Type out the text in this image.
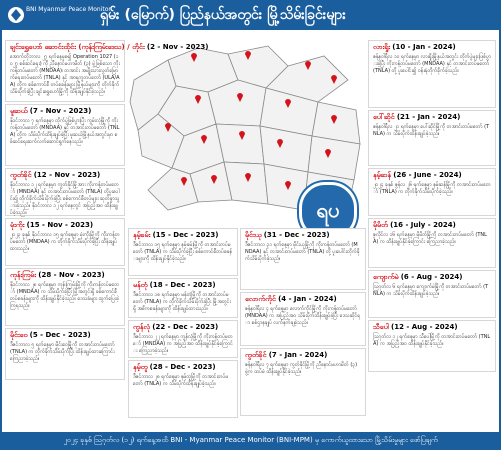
BNI Myanmar Peace Monitor
ရှမ်း (မြောက်) ပြည်နယ်အတွင်း မြို့သိမ်းခြင်းများ
ရပ
ချင်းရွှေဟော် ဆောင်းထိုင်း (ကုန်းကြမ်းဒေသ) / တိုင်း (2 - Nov - 2023)
အောက်တိုဘာလ ၂၇ ရက်နေ့မှစ၍ Operation 1027 (၁၀၂၇ စစ်ဆင်ရေး) ကို ညီနောင်မဟာမိတ် (၃) ဖွဲ့ဖြစ်သော ကိုးကန့်တပ်မတော် (MNDAA)၊ တအာင်း အမျိုးသားလွတ်မြောက်ရေးတပ်မတော် (TNLA) နှင့် အာရက္ခတပ်တော် (ULA/AA) တို့က စစ်ကောင်စီ တပ်စခန်းများ မြို့နယ်များကို တိုက်ခိုက်သိမ်းပိုက်ခဲ့ပြီး ချင်းရွှေဟော်မြို့ကို ထိန်းချုပ်နိုင်ခဲ့သည်။
မူဆယ် (7 - Nov - 2023)
နိုဝင်ဘာလ ၇ ရက်နေ့မှာ တိုက်ပွဲဖြစ်ပွားပြီး ကွမ်းလုံမြို့ကို ကိုးကန့်တပ်မတော် (MNDAA) နှင့် တအာင်းတပ်မတော် (TNLA) တို့က သိမ်းပိုက်ထိန်းချုပ်ခဲ့ပြီး မူဆယ်မြို့နယ်အတွင်းမှာ စစ်ဆင်ရေးဆက်လက်ဆောင်ရွက်နေသည်။
ကွတ်ခိုင် (12 - Nov - 2023)
နိုဝင်ဘာလ ၁၂ ရက်နေ့မှာ ကွတ်ခိုင်မြို့အား ကိုးကန့်တပ်မတော် (MNDAA) နှင့် တအာင်းတပ်မတော် (TNLA) တို့ပူးပေါင်း၍ တိုက်ခိုက်သိမ်းပိုက်ခဲ့ပြီး စစ်ကောင်စီတပ်များ ဆုတ်ခွာသွားခဲ့သည်။ နိုဝင်ဘာလ ၁၂ ရက်နေ့တွင် အပြည့်အဝ ထိန်းချုပ်ခဲ့သည်။
မုံးကိုး (15 - Nov - 2023)
၂၀၂၃ ခုနှစ် နိုဝင်ဘာလ ၁၅ ရက်နေ့မှာ မုံးကိုးမြို့ကို ကိုးကန့်တပ်မတော် (MNDAA) က တိုက်ခိုက်သိမ်းပိုက်ခဲ့ပြီး ထိန်းချုပ်ထားသည်။
ကုန်းကြမ်း (28 - Nov - 2023)
နိုဝင်ဘာလ ၂၈ ရက်နေ့မှာ ကုန်းကြမ်းမြို့ကို ကိုးကန့်တပ်မတော် (MNDAA) က သိမ်းပိုက်ခဲ့ပြီး မြို့အတွင်းရှိ စစ်ကောင်စီတပ်စခန်းများကို ထိန်းချုပ်နိုင်ခဲ့သည်။ ဒေသခံများ ထွက်ပြေးခဲ့ကြရသည်။
မိုင်းဝေ (5 - Dec - 2023)
ဒီဇင်ဘာလ ၅ ရက်နေ့မှာ မိုင်းဝေမြို့ကို တအာင်းတပ်မတော် (TNLA) က တိုက်ခိုက်သိမ်းပိုက်ပြီး ထိန်းချုပ်ထားကြောင်း ကြေညာခဲ့သည်။
လားရှိုး (10 - Jan - 2024)
ဇန်နဝါရီလ ၁၀ ရက်နေ့မှာ လားရှိုးမြို့နယ်အတွင်း တိုက်ပွဲများဖြစ်ပွားခဲ့ပြီး ကိုးကန့်တပ်မတော် (MNDAA) နှင့် တအာင်းတပ်မတော် (TNLA) တို့ ပူးပေါင်း၍ ဝန်းရံတိုက်ခိုက်ခဲ့သည်။
ပေါ်ဆိုင် (21 - Jan - 2024)
ဇန်နဝါရီလ ၂၁ ရက်နေ့မှာ ပေါ်ဆိုင်မြို့ကို တအာင်းတပ်မတော် (TNLA) က သိမ်းပိုက်ထိန်းချုပ်ခဲ့သည်။
နမ့်ဆန် (26 - June - 2024)
၂၀၂၄ ခုနှစ် ဇွန်လ ၂၆ ရက်နေ့မှာ နမ့်ဆန်မြို့ကို တအာင်းတပ်မတော် (TNLA) က တိုက်ခိုက်သိမ်းပိုက်ခဲ့သည်။
မိုမိတ် (16 - July - 2024)
ဇူလိုင်လ ၁၆ ရက်နေ့မှာ မိုမိတ်မြို့ကို တအာင်းတပ်မတော် (TNLA) က ထိန်းချုပ်နိုင်ခဲ့ကြောင်း ကြေညာခဲ့သည်။
ကျောက်မဲ (6 - Aug - 2024)
ဩဂုတ်လ ၆ ရက်နေ့မှာ ကျောက်မဲမြို့ကို တအာင်းတပ်မတော် (TNLA) က သိမ်းပိုက်ထိန်းချုပ်ခဲ့သည်။
သီပေါ (12 - Aug - 2024)
ဩဂုတ်လ ၁၂ ရက်နေ့မှာ သီပေါမြို့ကို တအာင်းတပ်မတော် (TNLA) က အပြည့်အဝ ထိန်းချုပ်နိုင်ခဲ့သည်။
နမ့်ခမ်း (15 - Dec - 2023)
ဒီဇင်ဘာလ ၁၅ ရက်နေ့မှာ နမ့်ခမ်းမြို့ကို တအာင်းတပ်မတော် (TNLA) က သိမ်းပိုက်ခဲ့ပြီး စစ်ကောင်စီတပ်စခန်းများကို ထိန်းချုပ်နိုင်ခဲ့သည်။
မန်တုံ (18 - Dec - 2023)
ဒီဇင်ဘာလ ၁၈ ရက်နေ့မှာ မန်တုံမြို့ကို တအာင်းတပ်မတော် (TNLA) က တိုက်ခိုက်သိမ်းပိုက်ခဲ့ပြီး မြို့အတွင်းရှိ အဓိကစခန်းများကို ထိန်းချုပ်ထားသည်။
ကွန်လုံ (22 - Dec - 2023)
ဒီဇင်ဘာလ ၂၂ ရက်နေ့မှာ ကွန်လုံမြို့ကို ကိုးကန့်တပ်မတော် (MNDAA) က အပြည့်အဝ ထိန်းချုပ်နိုင်ခဲ့ကြောင်း ကြေညာခဲ့သည်။
နမ့်တူ (28 - Dec - 2023)
ဒီဇင်ဘာလ ၂၈ ရက်နေ့မှာ နမ့်တူမြို့ကို တအာင်းတပ်မတော် (TNLA) က သိမ်းပိုက်ထိန်းချုပ်ခဲ့သည်။
မိုင်းယု (31 - Dec - 2023)
ဒီဇင်ဘာလ ၃၁ ရက်နေ့မှာ မိုင်းယုမြို့ကို ကိုးကန့်တပ်မတော် (MNDAA) နှင့် တအာင်းတပ်မတော် (TNLA) တို့ ပူးပေါင်းတိုက်ခိုက်သိမ်းပိုက်ခဲ့သည်။
လောက်ကိုင် (4 - Jan - 2024)
ဇန်နဝါရီလ ၄ ရက်နေ့မှာ လောက်ကိုင်မြို့ကို ကိုးကန့်တပ်မတော် (MNDAA) က အပြည့်အဝ သိမ်းပိုက်ထိန်းချုပ်ခဲ့ပြီး ဒေသဆိုင်ရာ စစ်ဌာနချုပ် လက်နက်ချခဲ့သည်။
ကွတ်ခိုင် (7 - Jan - 2024)
ဇန်နဝါရီလ ၇ ရက်နေ့မှာ ကွတ်ခိုင်မြို့ကို ညီနောင်မဟာမိတ် (၃) ဖွဲ့က ထပ်မံ ထိန်းချုပ်နိုင်ခဲ့သည်။
၂၀၂၄ ခုနှစ် ဩဂုတ်လ (၁၂) ရက်နေ့အထိ BNI - Myanmar Peace Monitor (BNI-MPM) မှ ကောက်ယူထားသော မြို့သိမ်းမှုများ ဖော်ပြချက်
